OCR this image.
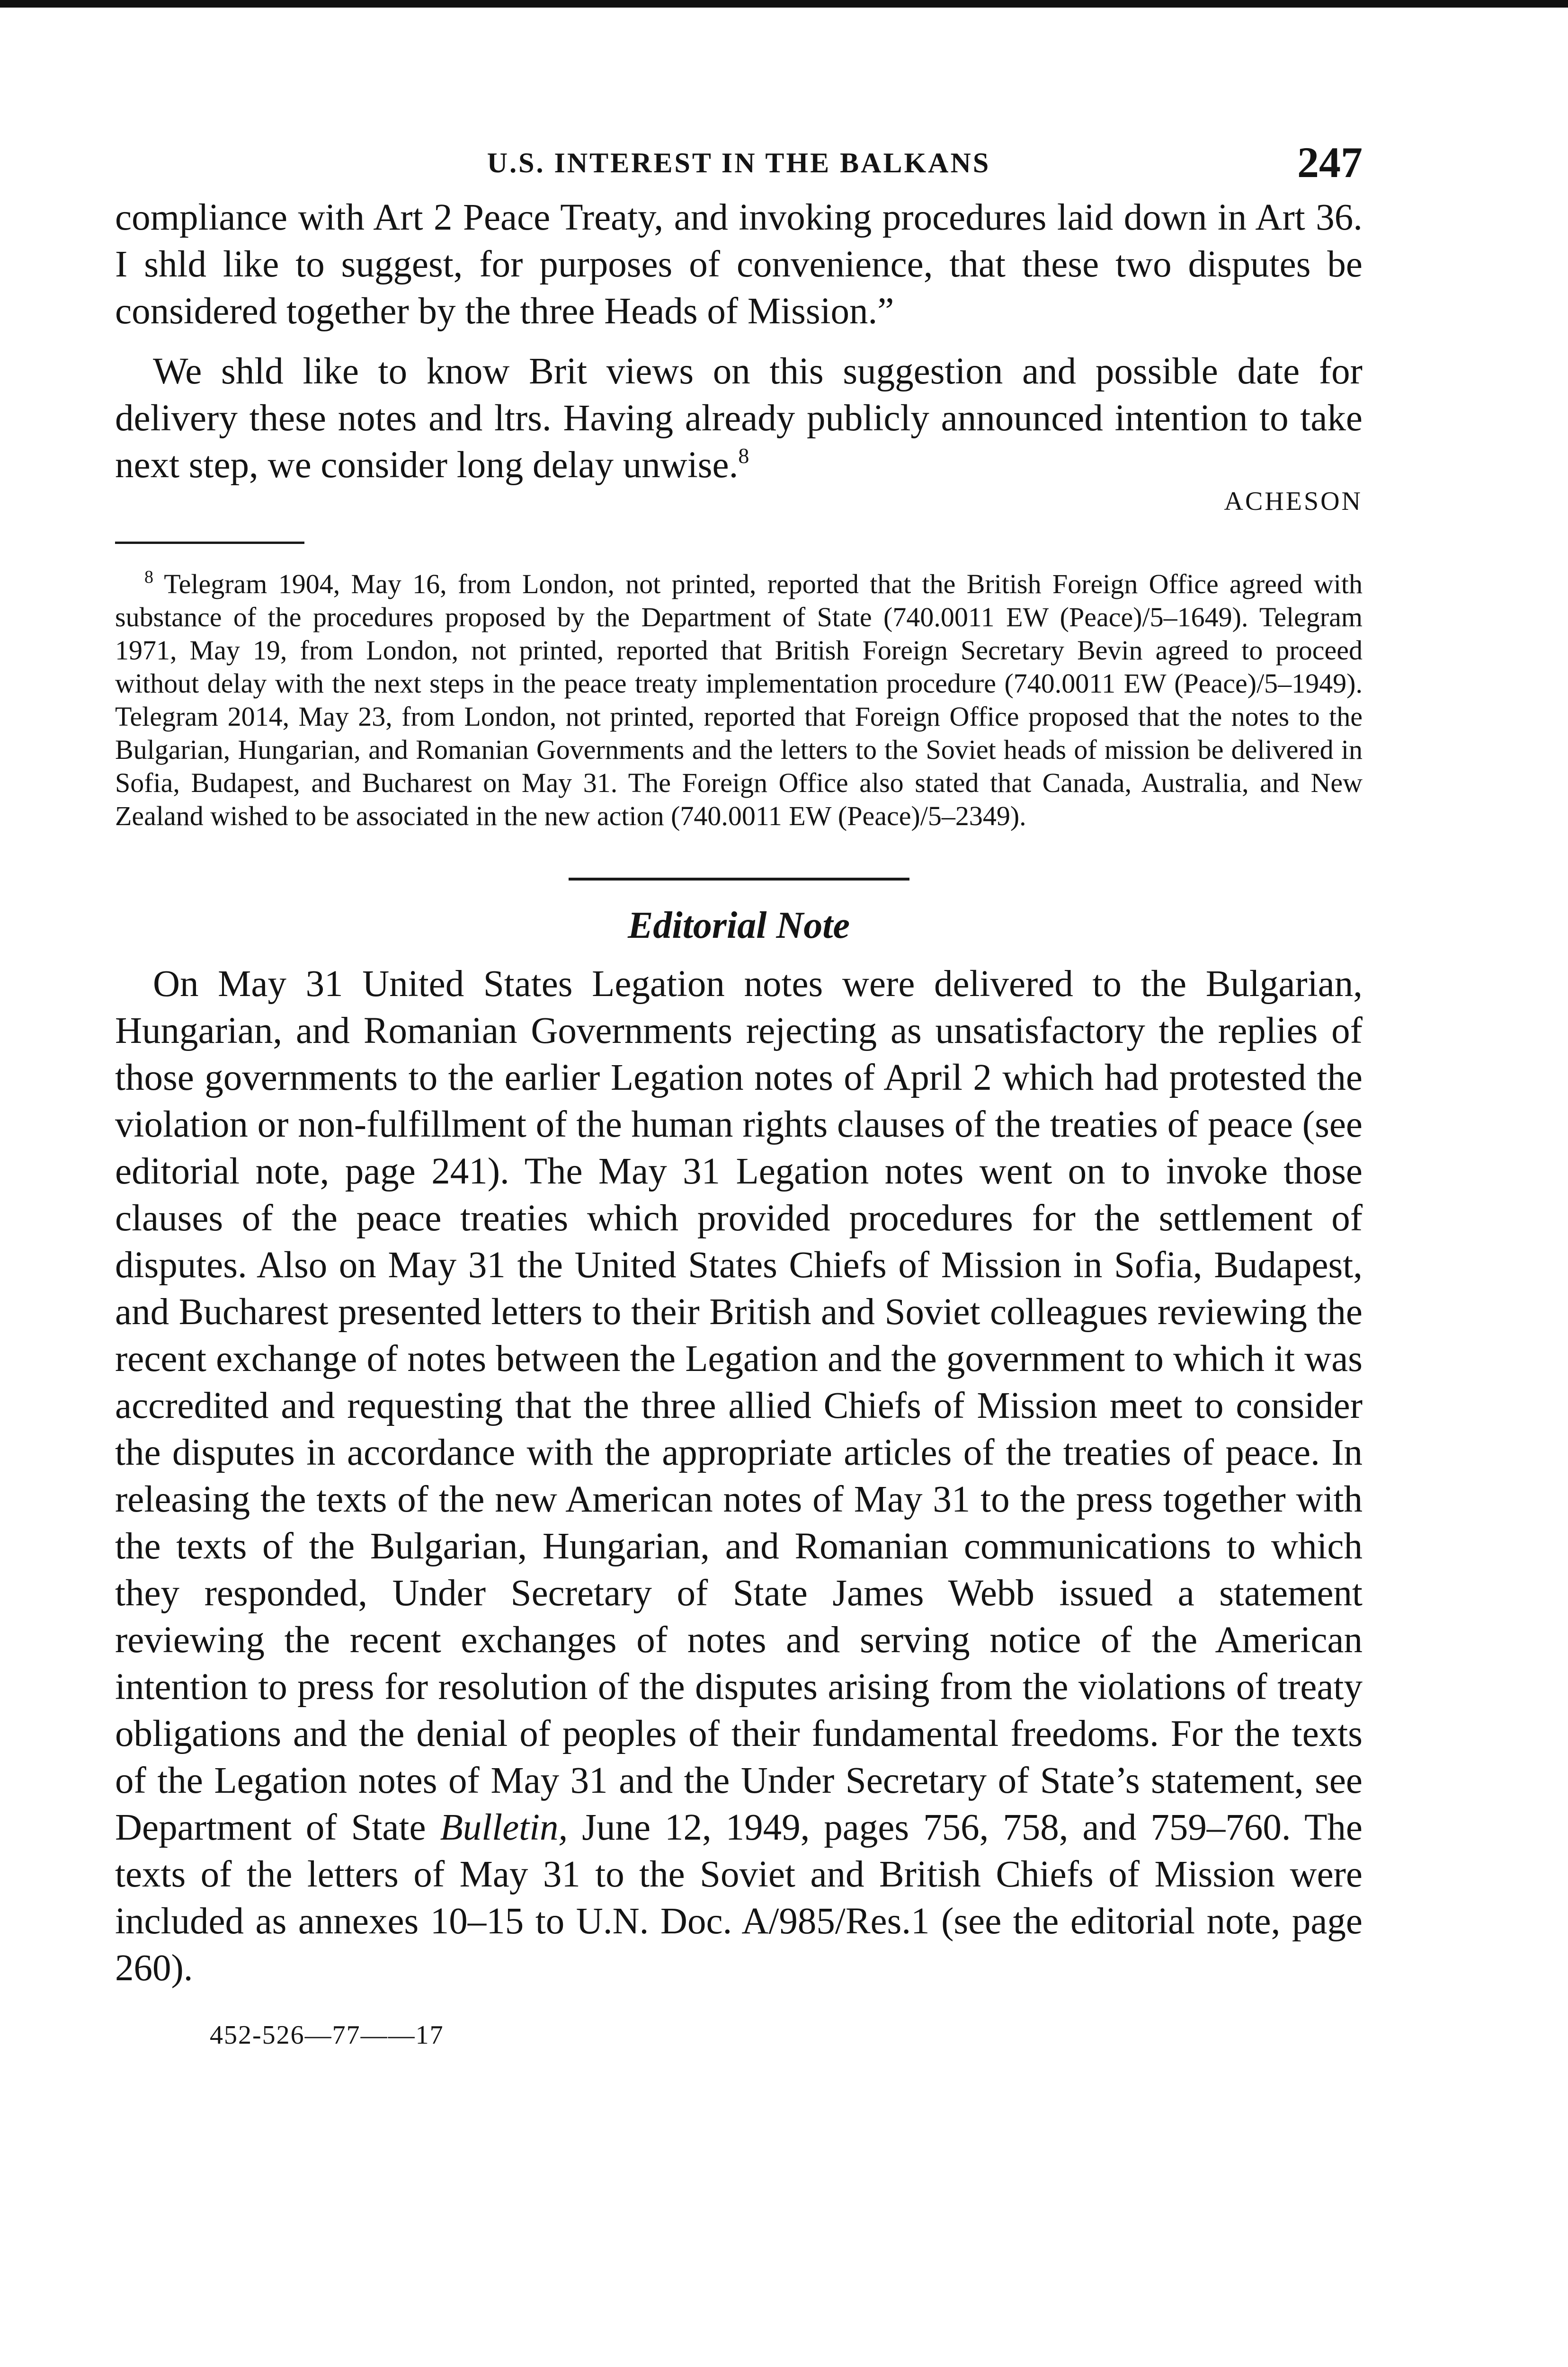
U.S. INTEREST IN THE BALKANS	247

compliance with Art 2 Peace Treaty, and invoking procedures laid down in Art 36. I shld like to suggest, for purposes of convenience, that these two disputes be considered together by the three Heads of Mission.”

We shld like to know Brit views on this suggestion and possible date for delivery these notes and ltrs. Having already publicly announced intention to take next step, we consider long delay unwise.$^8$

ACHESON

$^8$ Telegram 1904, May 16, from London, not printed, reported that the British Foreign Office agreed with substance of the procedures proposed by the Department of State (740.0011 EW (Peace)/5–1649). Telegram 1971, May 19, from London, not printed, reported that British Foreign Secretary Bevin agreed to proceed without delay with the next steps in the peace treaty implementation procedure (740.0011 EW (Peace)/5–1949). Telegram 2014, May 23, from London, not printed, reported that Foreign Office proposed that the notes to the Bulgarian, Hungarian, and Romanian Governments and the letters to the Soviet heads of mission be delivered in Sofia, Budapest, and Bucharest on May 31. The Foreign Office also stated that Canada, Australia, and New Zealand wished to be associated in the new action (740.0011 EW (Peace)/5–2349).

Editorial Note

On May 31 United States Legation notes were delivered to the Bulgarian, Hungarian, and Romanian Governments rejecting as unsatisfactory the replies of those governments to the earlier Legation notes of April 2 which had protested the violation or non-fulfillment of the human rights clauses of the treaties of peace (see editorial note, page 241). The May 31 Legation notes went on to invoke those clauses of the peace treaties which provided procedures for the settlement of disputes. Also on May 31 the United States Chiefs of Mission in Sofia, Budapest, and Bucharest presented letters to their British and Soviet colleagues reviewing the recent exchange of notes between the Legation and the government to which it was accredited and requesting that the three allied Chiefs of Mission meet to consider the disputes in accordance with the appropriate articles of the treaties of peace. In releasing the texts of the new American notes of May 31 to the press together with the texts of the Bulgarian, Hungarian, and Romanian communications to which they responded, Under Secretary of State James Webb issued a statement reviewing the recent exchanges of notes and serving notice of the American intention to press for resolution of the disputes arising from the violations of treaty obligations and the denial of peoples of their fundamental freedoms. For the texts of the Legation notes of May 31 and the Under Secretary of State’s statement, see Department of State Bulletin, June 12, 1949, pages 756, 758, and 759–760. The texts of the letters of May 31 to the Soviet and British Chiefs of Mission were included as annexes 10–15 to U.N. Doc. A/985/Res.1 (see the editorial note, page 260).

452-526—77——17
